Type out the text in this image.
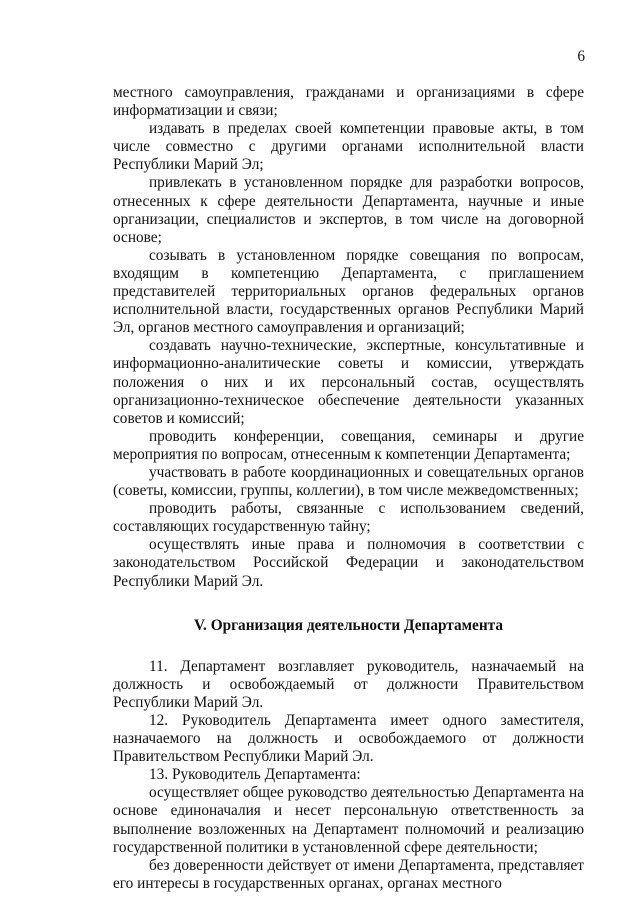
6

местного самоуправления, гражданами и организациями в сфере информатизации и связи;

издавать в пределах своей компетенции правовые акты, в том числе совместно с другими органами исполнительной власти Республики Марий Эл;

привлекать в установленном порядке для разработки вопросов, отнесенных к сфере деятельности Департамента, научные и иные организации, специалистов и экспертов, в том числе на договорной основе;

созывать в установленном порядке совещания по вопросам, входящим в компетенцию Департамента, с приглашением представителей территориальных органов федеральных органов исполнительной власти, государственных органов Республики Марий Эл, органов местного самоуправления и организаций;

создавать научно-технические, экспертные, консультативные и информационно-аналитические советы и комиссии, утверждать положения о них и их персональный состав, осуществлять организационно-техническое обеспечение деятельности указанных советов и комиссий;

проводить конференции, совещания, семинары и другие мероприятия по вопросам, отнесенным к компетенции Департамента;

участвовать в работе координационных и совещательных органов (советы, комиссии, группы, коллегии), в том числе межведомственных;

проводить работы, связанные с использованием сведений, составляющих государственную тайну;

осуществлять иные права и полномочия в соответствии с законодательством Российской Федерации и законодательством Республики Марий Эл.

V. Организация деятельности Департамента

11. Департамент возглавляет руководитель, назначаемый на должность и освобождаемый от должности Правительством Республики Марий Эл.

12. Руководитель Департамента имеет одного заместителя, назначаемого на должность и освобождаемого от должности Правительством Республики Марий Эл.

13. Руководитель Департамента:

осуществляет общее руководство деятельностью Департамента на основе единоначалия и несет персональную ответственность за выполнение возложенных на Департамент полномочий и реализацию государственной политики в установленной сфере деятельности;

без доверенности действует от имени Департамента, представляет его интересы в государственных органах, органах местного
